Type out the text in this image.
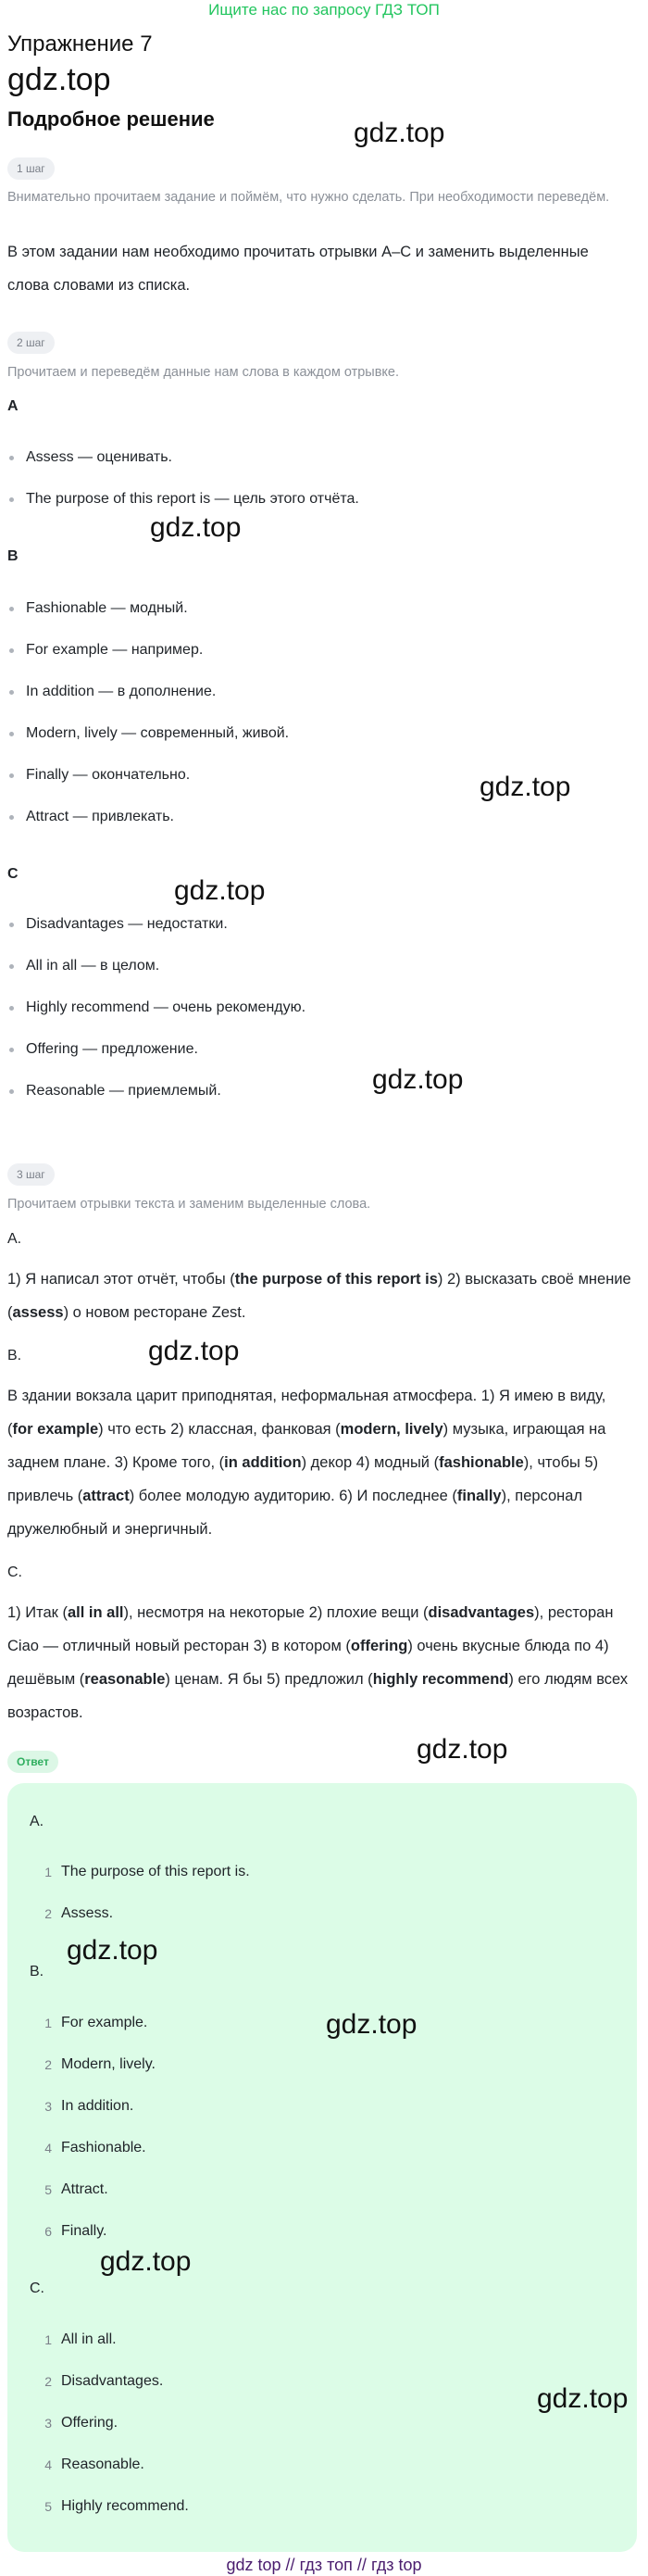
Ищите нас по запросу ГДЗ ТОП
Упражнение 7
gdz.top
Подробное решение	gdz.top
gdz.top
gdz.top
gdz.top
gdz.top
gdz.top
gdz.top
1 шаг
Внимательно прочитаем задание и поймём, что нужно сделать. При необходимости переведём.
В этом задании нам необходимо прочитать отрывки A–C и заменить выделенные слова словами из списка.
2 шаг
Прочитаем и переведём данные нам слова в каждом отрывке.
A
Assess — оценивать.
The purpose of this report is — цель этого отчёта.
B
Fashionable — модный.
For example — например.
In addition — в дополнение.
Modern, lively — современный, живой.
Finally — окончательно.
Attract — привлекать.
C
Disadvantages — недостатки.
All in all — в целом.
Highly recommend — очень рекомендую.
Offering — предложение.
Reasonable — приемлемый.
3 шаг
Прочитаем отрывки текста и заменим выделенные слова.
A.
1) Я написал этот отчёт, чтобы (the purpose of this report is) 2) высказать своё мнение (assess) о новом ресторане Zest.
B.
В здании вокзала царит приподнятая, неформальная атмосфера. 1) Я имею в виду, (for example) что есть 2) классная, фанковая (modern, lively) музыка, играющая на заднем плане. 3) Кроме того, (in addition) декор 4) модный (fashionable), чтобы 5) привлечь (attract) более молодую аудиторию. 6) И последнее (finally), персонал дружелюбный и энергичный.
C.
1) Итак (all in all), несмотря на некоторые 2) плохие вещи (disadvantages), ресторан Ciao — отличный новый ресторан 3) в котором (offering) очень вкусные блюда по 4) дешёвым (reasonable) ценам. Я бы 5) предложил (highly recommend) его людям всех возрастов.
Ответ
A.
1 The purpose of this report is.
2 Assess.
B.
1 For example.
2 Modern, lively.
3 In addition.
4 Fashionable.
5 Attract.
6 Finally.
C.
1 All in all.
2 Disadvantages.
3 Offering.
4 Reasonable.
5 Highly recommend.
gdz.top
gdz.top
gdz.top
gdz.top
gdz top // гдз топ // гдз top
